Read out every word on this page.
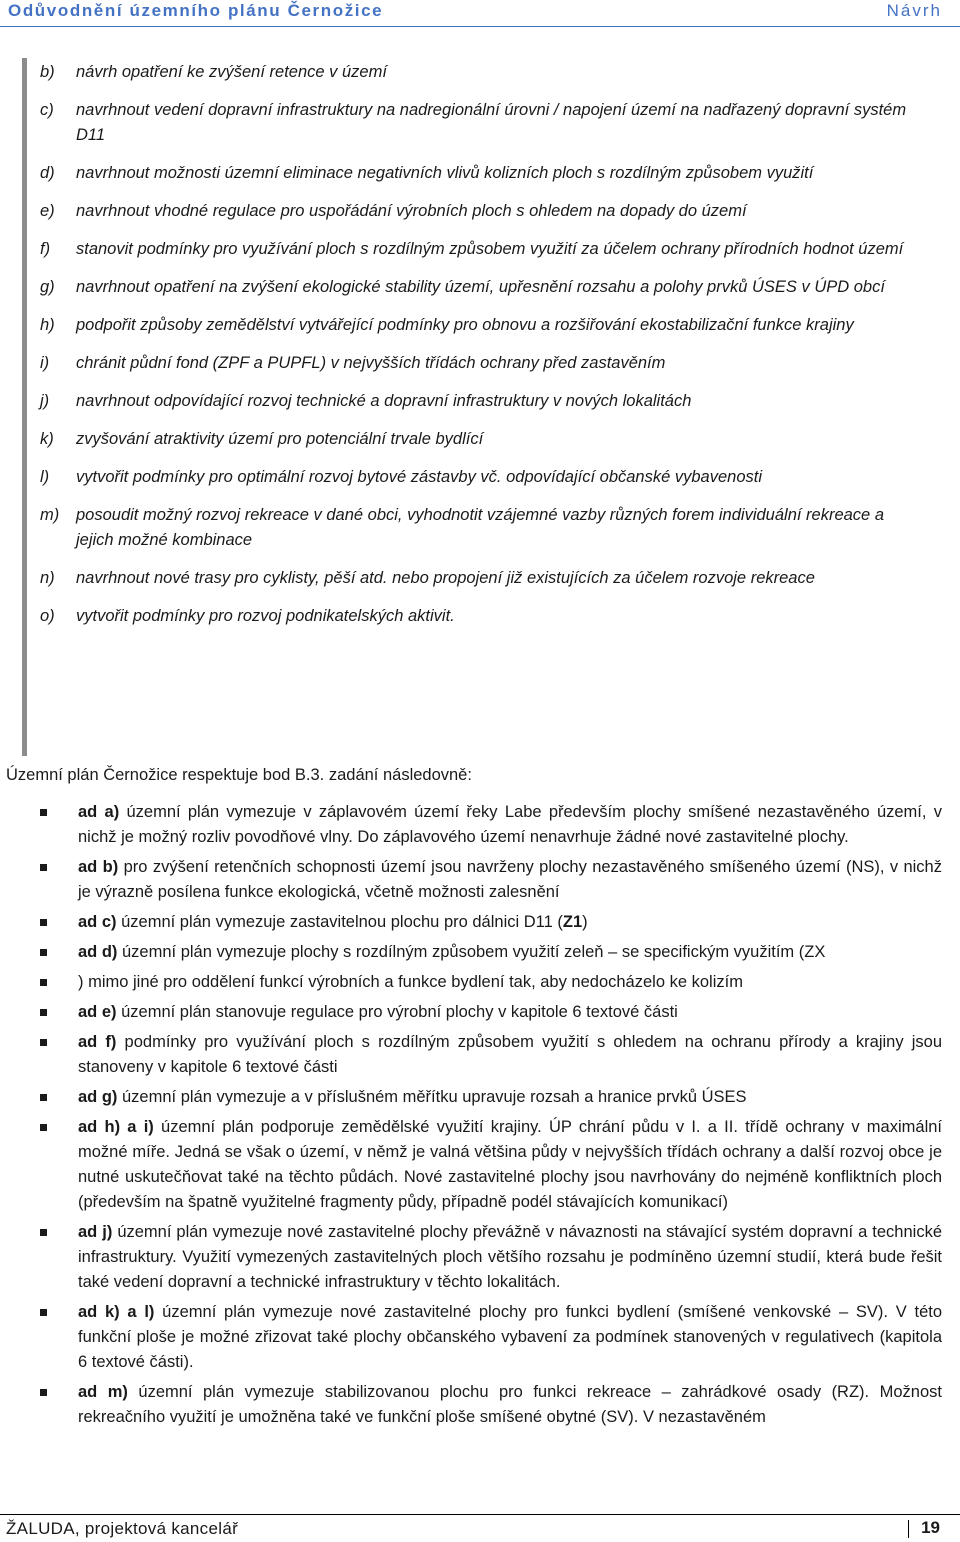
Odůvodnění územního plánu Černožice	Návrh
b) návrh opatření ke zvýšení retence v území
c) navrhnout vedení dopravní infrastruktury na nadregionální úrovni / napojení území na nadřazený dopravní systém D11
d) navrhnout možnosti územní eliminace negativních vlivů kolizních ploch s rozdílným způsobem využití
e) navrhnout vhodné regulace pro uspořádání výrobních ploch s ohledem na dopady do území
f) stanovit podmínky pro využívání ploch s rozdílným způsobem využití za účelem ochrany přírodních hodnot území
g) navrhnout opatření na zvýšení ekologické stability území, upřesnění rozsahu a polohy prvků ÚSES v ÚPD obcí
h) podpořit způsoby zemědělství vytvářející podmínky pro obnovu a rozšiřování ekostabilizační funkce krajiny
i) chránit půdní fond (ZPF a PUPFL) v nejvyšších třídách ochrany před zastavěním
j) navrhnout odpovídající rozvoj technické a dopravní infrastruktury v nových lokalitách
k) zvyšování atraktivity území pro potenciální trvale bydlící
l) vytvořit podmínky pro optimální rozvoj bytové zástavby vč. odpovídající občanské vybavenosti
m) posoudit možný rozvoj rekreace v dané obci, vyhodnotit vzájemné vazby různých forem individuální rekreace a jejich možné kombinace
n) navrhnout nové trasy pro cyklisty, pěší atd. nebo propojení již existujících za účelem rozvoje rekreace
o) vytvořit podmínky pro rozvoj podnikatelských aktivit.
Územní plán Černožice respektuje bod B.3. zadání následovně:
ad a) územní plán vymezuje v záplavovém území řeky Labe především plochy smíšené nezastavěného území, v nichž je možný rozliv povodňové vlny. Do záplavového území nenavrhuje žádné nové zastavitelné plochy.
ad b) pro zvýšení retenčních schopnosti území jsou navrženy plochy nezastavěného smíšeného území (NS), v nichž je výrazně posílena funkce ekologická, včetně možnosti zalesnění
ad c) územní plán vymezuje zastavitelnou plochu pro dálnici D11 (Z1)
ad d) územní plán vymezuje plochy s rozdílným způsobem využití zeleň – se specifickým využitím (ZX
) mimo jiné pro oddělení funkcí výrobních a funkce bydlení tak, aby nedocházelo ke kolizím
ad e) územní plán stanovuje regulace pro výrobní plochy v kapitole 6 textové části
ad f) podmínky pro využívání ploch s rozdílným způsobem využití s ohledem na ochranu přírody a krajiny jsou stanoveny v kapitole 6 textové části
ad g) územní plán vymezuje a v příslušném měřítku upravuje rozsah a hranice prvků ÚSES
ad h) a i) územní plán podporuje zemědělské využití krajiny. ÚP chrání půdu v I. a II. třídě ochrany v maximální možné míře. Jedná se však o území, v němž je valná většina půdy v nejvyšších třídách ochrany a další rozvoj obce je nutné uskutečňovat také na těchto půdách. Nové zastavitelné plochy jsou navrhovány do nejméně konfliktních ploch (především na špatně využitelné fragmenty půdy, případně podél stávajících komunikací)
ad j) územní plán vymezuje nové zastavitelné plochy převážně v návaznosti na stávající systém dopravní a technické infrastruktury. Využití vymezených zastavitelných ploch většího rozsahu je podmíněno územní studií, která bude řešit také vedení dopravní a technické infrastruktury v těchto lokalitách.
ad k) a l) územní plán vymezuje nové zastavitelné plochy pro funkci bydlení (smíšené venkovské – SV). V této funkční ploše je možné zřizovat také plochy občanského vybavení za podmínek stanovených v regulativech (kapitola 6 textové části).
ad m) územní plán vymezuje stabilizovanou plochu pro funkci rekreace – zahrádkové osady (RZ). Možnost rekreačního využití je umožněna také ve funkční ploše smíšené obytné (SV). V nezastavěném
ŽALUDA, projektová kancelář	19
